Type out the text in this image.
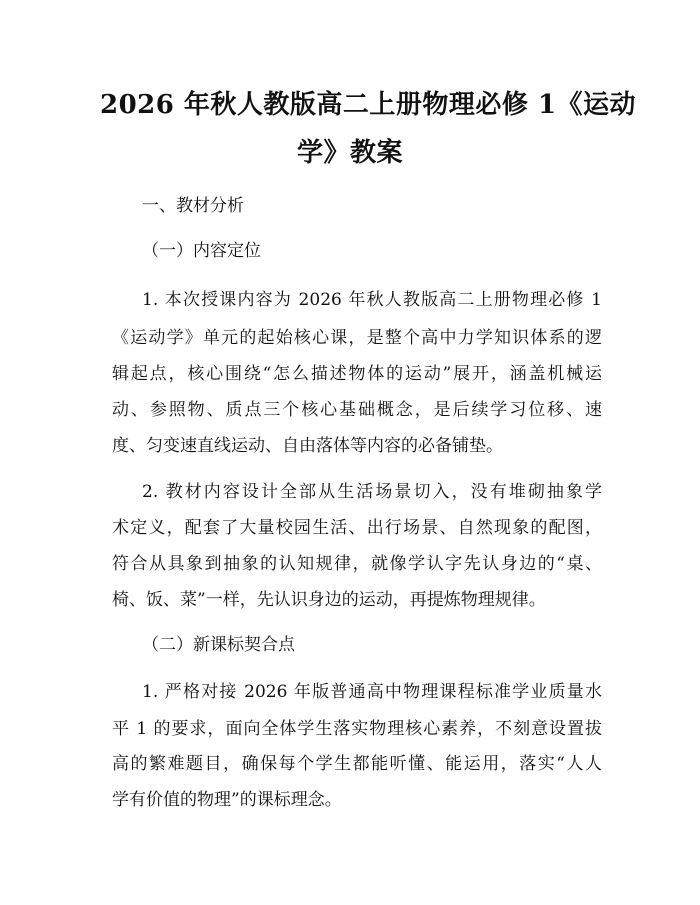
2026 年秋人教版高二上册物理必修 1《运动
学》教案
一、教材分析
（一）内容定位
1. 本次授课内容为 2026 年秋人教版高二上册物理必修 1
《运动学》单元的起始核心课，是整个高中力学知识体系的逻
辑起点，核心围绕“怎么描述物体的运动”展开，涵盖机械运
动、参照物、质点三个核心基础概念，是后续学习位移、速
度、匀变速直线运动、自由落体等内容的必备铺垫。
2. 教材内容设计全部从生活场景切入，没有堆砌抽象学
术定义，配套了大量校园生活、出行场景、自然现象的配图，
符合从具象到抽象的认知规律，就像学认字先认身边的“桌、
椅、饭、菜”一样，先认识身边的运动，再提炼物理规律。
（二）新课标契合点
1. 严格对接 2026 年版普通高中物理课程标准学业质量水
平 1 的要求，面向全体学生落实物理核心素养，不刻意设置拔
高的繁难题目，确保每个学生都能听懂、能运用，落实“人人
学有价值的物理”的课标理念。
